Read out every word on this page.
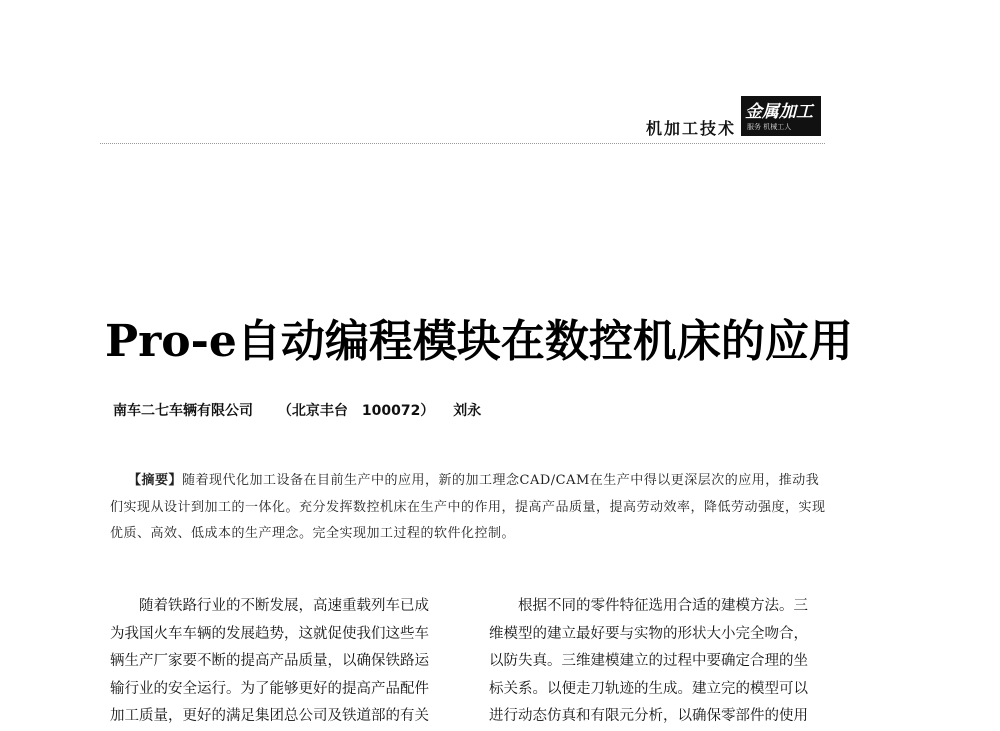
机加工技术
金属加工
服务 机械工人
Pro-e自动编程模块在数控机床的应用
南车二七车辆有限公司 （北京丰台　100072） 刘永
【摘要】随着现代化加工设备在目前生产中的应用，新的加工理念CAD/CAM在生产中得以更深层次的应用，推动我们实现从设计到加工的一体化。充分发挥数控机床在生产中的作用，提高产品质量，提高劳动效率，降低劳动强度，实现优质、高效、低成本的生产理念。完全实现加工过程的软件化控制。
　　随着铁路行业的不断发展，高速重载列车已成
为我国火车车辆的发展趋势，这就促使我们这些车
辆生产厂家要不断的提高产品质量，以确保铁路运
输行业的安全运行。为了能够更好的提高产品配件
加工质量，更好的满足集团总公司及铁道部的有关
　　根据不同的零件特征选用合适的建模方法。三
维模型的建立最好要与实物的形状大小完全吻合，
以防失真。三维建模建立的过程中要确定合理的坐
标关系。以便走刀轨迹的生成。建立完的模型可以
进行动态仿真和有限元分析，以确保零部件的使用
